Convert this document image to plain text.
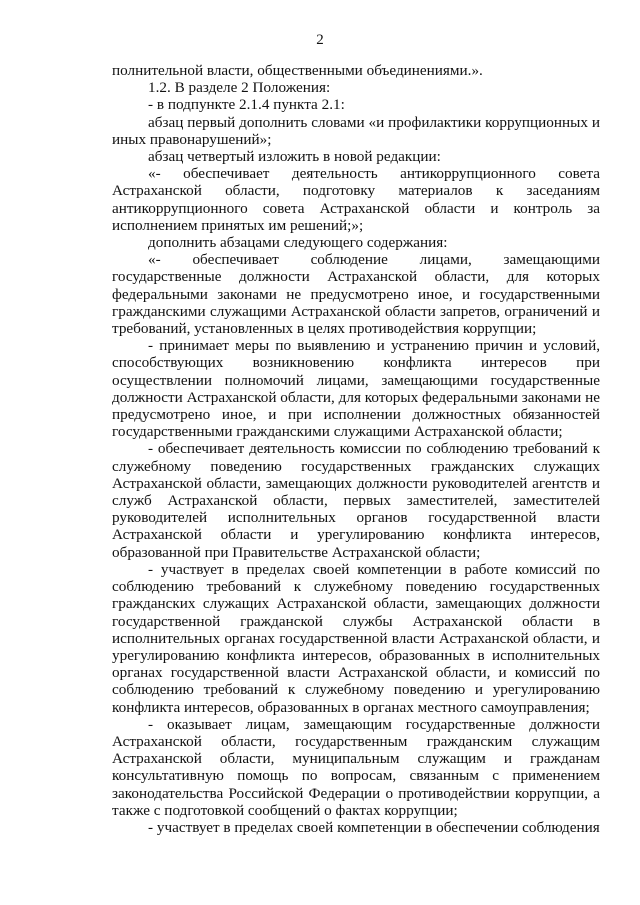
2

полнительной власти, общественными объединениями.».

1.2. В разделе 2 Положения:

- в подпункте 2.1.4 пункта 2.1:

абзац первый дополнить словами «и профилактики коррупционных и иных правонарушений»;

абзац четвертый изложить в новой редакции:

«- обеспечивает деятельность антикоррупционного совета Астраханской области, подготовку материалов к заседаниям антикоррупционного совета Астраханской области и контроль за исполнением принятых им решений;»;

дополнить абзацами следующего содержания:

«- обеспечивает соблюдение лицами, замещающими государственные должности Астраханской области, для которых федеральными законами не предусмотрено иное, и государственными гражданскими служащими Астраханской области запретов, ограничений и требований, установленных в целях противодействия коррупции;

- принимает меры по выявлению и устранению причин и условий, способствующих возникновению конфликта интересов при осуществлении полномочий лицами, замещающими государственные должности Астраханской области, для которых федеральными законами не предусмотрено иное, и при исполнении должностных обязанностей государственными гражданскими служащими Астраханской области;

- обеспечивает деятельность комиссии по соблюдению требований к служебному поведению государственных гражданских служащих Астраханской области, замещающих должности руководителей агентств и служб Астраханской области, первых заместителей, заместителей руководителей исполнительных органов государственной власти Астраханской области и урегулированию конфликта интересов, образованной при Правительстве Астраханской области;

- участвует в пределах своей компетенции в работе комиссий по соблюдению требований к служебному поведению государственных гражданских служащих Астраханской области, замещающих должности государственной гражданской службы Астраханской области в исполнительных органах государственной власти Астраханской области, и урегулированию конфликта интересов, образованных в исполнительных органах государственной власти Астраханской области, и комиссий по соблюдению требований к служебному поведению и урегулированию конфликта интересов, образованных в органах местного самоуправления;

- оказывает лицам, замещающим государственные должности Астраханской области, государственным гражданским служащим Астраханской области, муниципальным служащим и гражданам консультативную помощь по вопросам, связанным с применением законодательства Российской Федерации о противодействии коррупции, а также с подготовкой сообщений о фактах коррупции;

- участвует в пределах своей компетенции в обеспечении соблюдения
